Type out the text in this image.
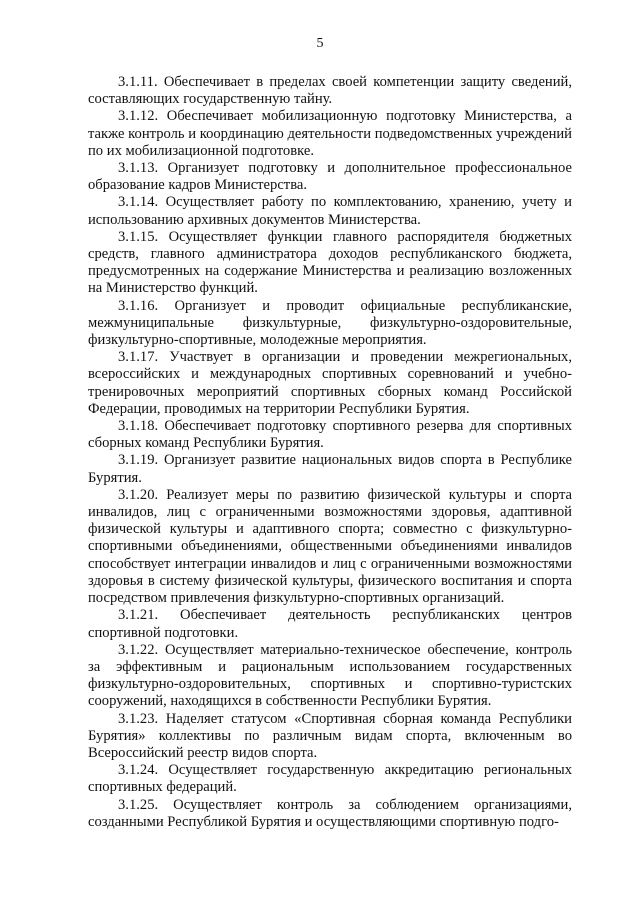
5

3.1.11. Обеспечивает в пределах своей компетенции защиту сведений, составляющих государственную тайну.

3.1.12. Обеспечивает мобилизационную подготовку Министерства, а также контроль и координацию деятельности подведомственных учреждений по их мобилизационной подготовке.

3.1.13. Организует подготовку и дополнительное профессиональное образование кадров Министерства.

3.1.14. Осуществляет работу по комплектованию, хранению, учету и использованию архивных документов Министерства.

3.1.15. Осуществляет функции главного распорядителя бюджетных средств, главного администратора доходов республиканского бюджета, предусмотренных на содержание Министерства и реализацию возложенных на Министерство функций.

3.1.16. Организует и проводит официальные республиканские, межмуниципальные физкультурные, физкультурно-оздоровительные, физкультурно-спортивные, молодежные мероприятия.

3.1.17. Участвует в организации и проведении межрегиональных, всероссийских и международных спортивных соревнований и учебно-тренировочных мероприятий спортивных сборных команд Российской Федерации, проводимых на территории Республики Бурятия.

3.1.18. Обеспечивает подготовку спортивного резерва для спортивных сборных команд Республики Бурятия.

3.1.19. Организует развитие национальных видов спорта в Республике Бурятия.

3.1.20. Реализует меры по развитию физической культуры и спорта инвалидов, лиц с ограниченными возможностями здоровья, адаптивной физической культуры и адаптивного спорта; совместно с физкультурно-спортивными объединениями, общественными объединениями инвалидов способствует интеграции инвалидов и лиц с ограниченными возможностями здоровья в систему физической культуры, физического воспитания и спорта посредством привлечения физкультурно-спортивных организаций.

3.1.21. Обеспечивает деятельность республиканских центров спортивной подготовки.

3.1.22. Осуществляет материально-техническое обеспечение, контроль за эффективным и рациональным использованием государственных физкультурно-оздоровительных, спортивных и спортивно-туристских сооружений, находящихся в собственности Республики Бурятия.

3.1.23. Наделяет статусом «Спортивная сборная команда Республики Бурятия» коллективы по различным видам спорта, включенным во Всероссийский реестр видов спорта.

3.1.24. Осуществляет государственную аккредитацию региональных спортивных федераций.

3.1.25. Осуществляет контроль за соблюдением организациями, созданными Республикой Бурятия и осуществляющими спортивную подго-
